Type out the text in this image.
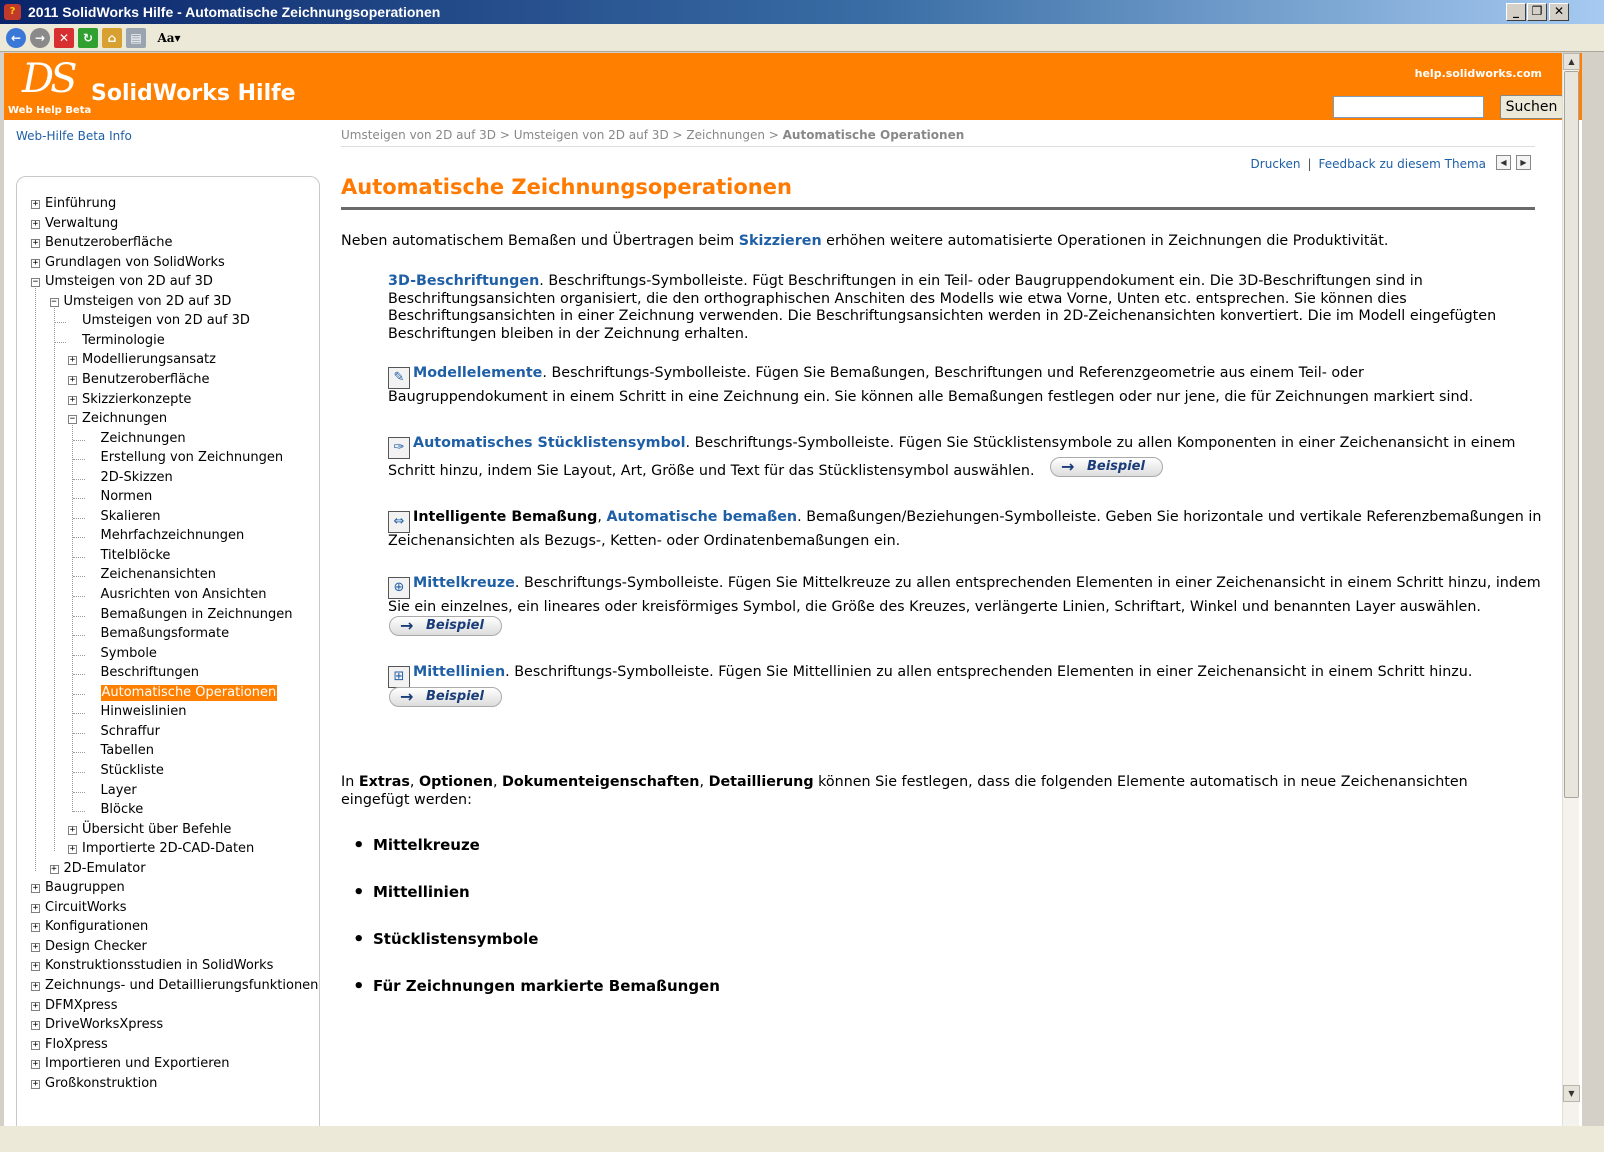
? 2011 SolidWorks Hilfe - Automatische Zeichnungsoperationen	_	❐ ✕
←	→	✕	↻	⌂	▤	Aa▾
DS
Web Help Beta
SolidWorks Hilfe
help.solidworks.com
Suchen
Web-Hilfe Beta Info
+ Einführung
+ Verwaltung
+ Benutzeroberfläche
+ Grundlagen von SolidWorks
− Umsteigen von 2D auf 3D
− Umsteigen von 2D auf 3D
Umsteigen von 2D auf 3D
Terminologie
+ Modellierungsansatz
+ Benutzeroberfläche
+ Skizzierkonzepte
− Zeichnungen
Zeichnungen
Erstellung von Zeichnungen
2D-Skizzen
Normen
Skalieren
Mehrfachzeichnungen
Titelblöcke
Zeichenansichten
Ausrichten von Ansichten
Bemaßungen in Zeichnungen
Bemaßungsformate
Symbole
Beschriftungen
Automatische Operationen
Hinweislinien
Schraffur
Tabellen
Stückliste
Layer
Blöcke
+ Übersicht über Befehle
+ Importierte 2D-CAD-Daten
+ 2D-Emulator
+ Baugruppen
+ CircuitWorks
+ Konfigurationen
+ Design Checker
+ Konstruktionsstudien in SolidWorks
+ Zeichnungs- und Detaillierungsfunktionen
+ DFMXpress
+ DriveWorksXpress
+ FloXpress
+ Importieren und Exportieren
+ Großkonstruktion
Umsteigen von 2D auf 3D > Umsteigen von 2D auf 3D > Zeichnungen > Automatische Operationen
Drucken | Feedback zu diesem Thema	◀	▶
Automatische Zeichnungsoperationen
Neben automatischem Bemaßen und Übertragen beim Skizzieren erhöhen weitere automatisierte Operationen in Zeichnungen die Produktivität.
3D-Beschriftungen. Beschriftungs-Symbolleiste. Fügt Beschriftungen in ein Teil- oder Baugruppendokument ein. Die 3D-Beschriftungen sind in Beschriftungsansichten organisiert, die den orthographischen Anschiten des Modells wie etwa Vorne, Unten etc. entsprechen. Sie können dies Beschriftungsansichten in einer Zeichnung verwenden. Die Beschriftungsansichten werden in 2D-Zeichenansichten konvertiert. Die im Modell eingefügten Beschriftungen bleiben in der Zeichnung erhalten.
✎ Modellelemente. Beschriftungs-Symbolleiste. Fügen Sie Bemaßungen, Beschriftungen und Referenzgeometrie aus einem Teil- oder Baugruppendokument in einem Schritt in eine Zeichnung ein. Sie können alle Bemaßungen festlegen oder nur jene, die für Zeichnungen markiert sind.
✑ Automatisches Stücklistensymbol. Beschriftungs-Symbolleiste. Fügen Sie Stücklistensymbole zu allen Komponenten in einer Zeichenansicht in einem Schritt hinzu, indem Sie Layout, Art, Größe und Text für das Stücklistensymbol auswählen.	→ Beispiel
⇔ Intelligente Bemaßung, Automatische bemaßen. Bemaßungen/Beziehungen-Symbolleiste. Geben Sie horizontale und vertikale Referenzbemaßungen in Zeichenansichten als Bezugs-, Ketten- oder Ordinatenbemaßungen ein.
⊕ Mittelkreuze. Beschriftungs-Symbolleiste. Fügen Sie Mittelkreuze zu allen entsprechenden Elementen in einer Zeichenansicht in einem Schritt hinzu, indem Sie ein einzelnes, ein lineares oder kreisförmiges Symbol, die Größe des Kreuzes, verlängerte Linien, Schriftart, Winkel und benannten Layer auswählen.
→ Beispiel
⊞ Mittellinien. Beschriftungs-Symbolleiste. Fügen Sie Mittellinien zu allen entsprechenden Elementen in einer Zeichenansicht in einem Schritt hinzu.
→ Beispiel
In Extras, Optionen, Dokumenteigenschaften, Detaillierung können Sie festlegen, dass die folgenden Elemente automatisch in neue Zeichenansichten eingefügt werden:
• Mittelkreuze
• Mittellinien
• Stücklistensymbole
• Für Zeichnungen markierte Bemaßungen
▲
▼
